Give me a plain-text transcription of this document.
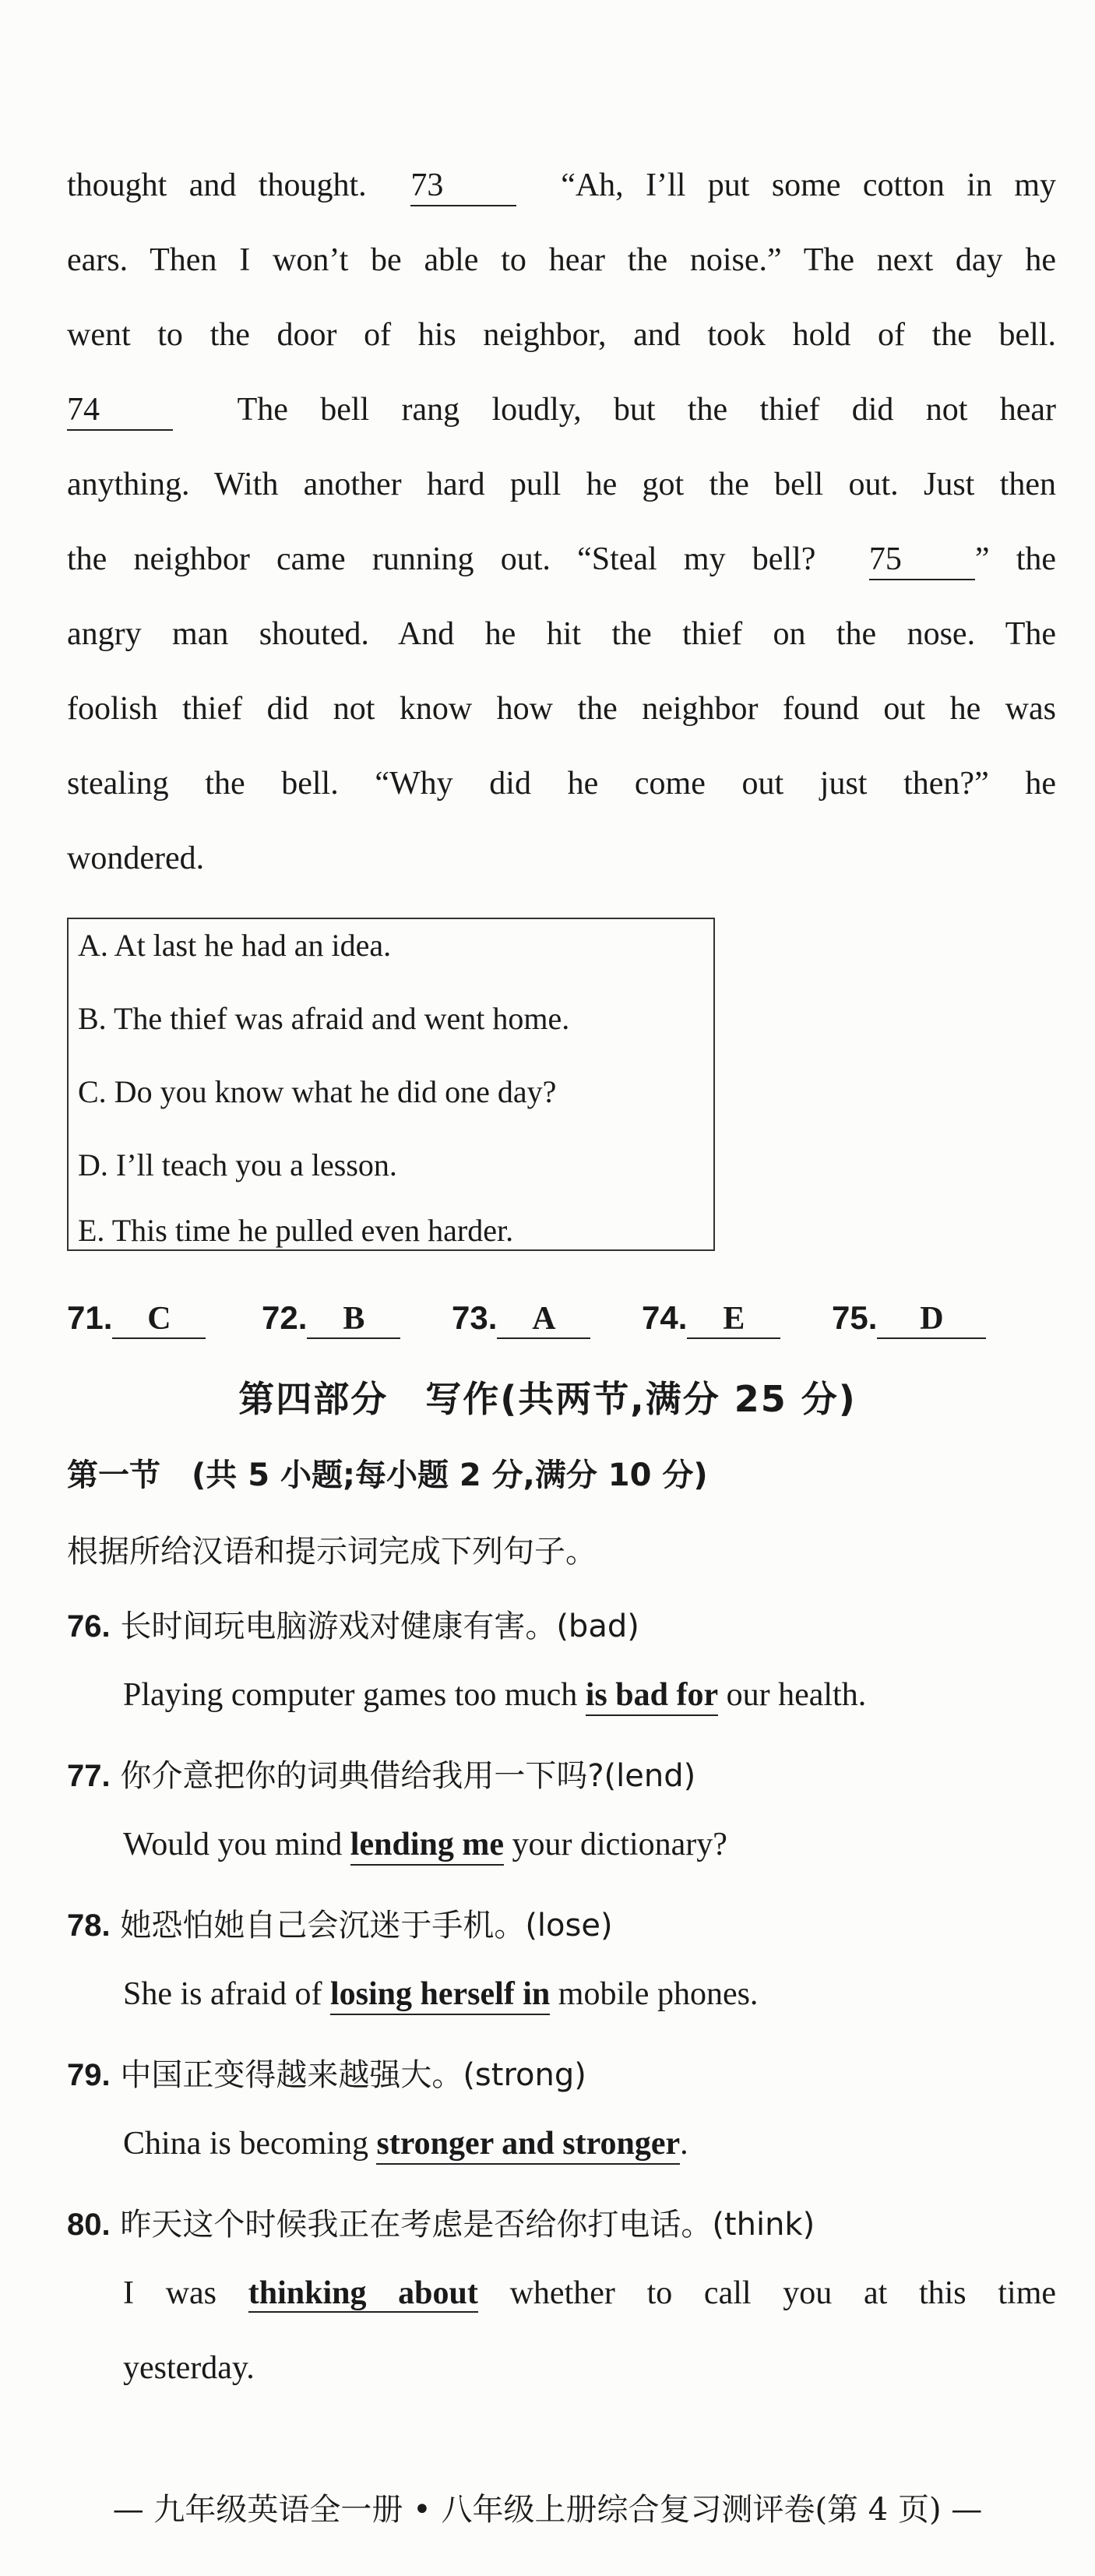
thought and thought. 73	“Ah, I’ll put some cotton in my
ears. Then I won’t be able to hear the noise.” The next day he
went to the door of his neighbor, and took hold of the bell.
74	The bell rang loudly, but the thief did not hear
anything. With another hard pull he got the bell out. Just then
the neighbor came running out. “Steal my bell? 75 ” the
angry man shouted. And he hit the thief on the nose. The
foolish thief did not know how the neighbor found out he was
stealing the bell. “Why did he come out just then?” he
wondered.
A. At last he had an idea.
B. The thief was afraid and went home.
C. Do you know what he did one day?
D. I’ll teach you a lesson.
E. This time he pulled even harder.
71. C	72. B	73. A	74. E	75. D
第四部分　写作(共两节,满分 25 分)
第一节　(共 5 小题;每小题 2 分,满分 10 分)
根据所给汉语和提示词完成下列句子。
76. 长时间玩电脑游戏对健康有害。(bad)
Playing computer games too much is bad for our health.
77. 你介意把你的词典借给我用一下吗?(lend)
Would you mind lending me your dictionary?
78. 她恐怕她自己会沉迷于手机。(lose)
She is afraid of losing herself in mobile phones.
79. 中国正变得越来越强大。(strong)
China is becoming stronger and stronger.
80. 昨天这个时候我正在考虑是否给你打电话。(think)
I was thinking about whether to call you at this time
yesterday.
— 九年级英语全一册 • 八年级上册综合复习测评卷(第 4 页) —
